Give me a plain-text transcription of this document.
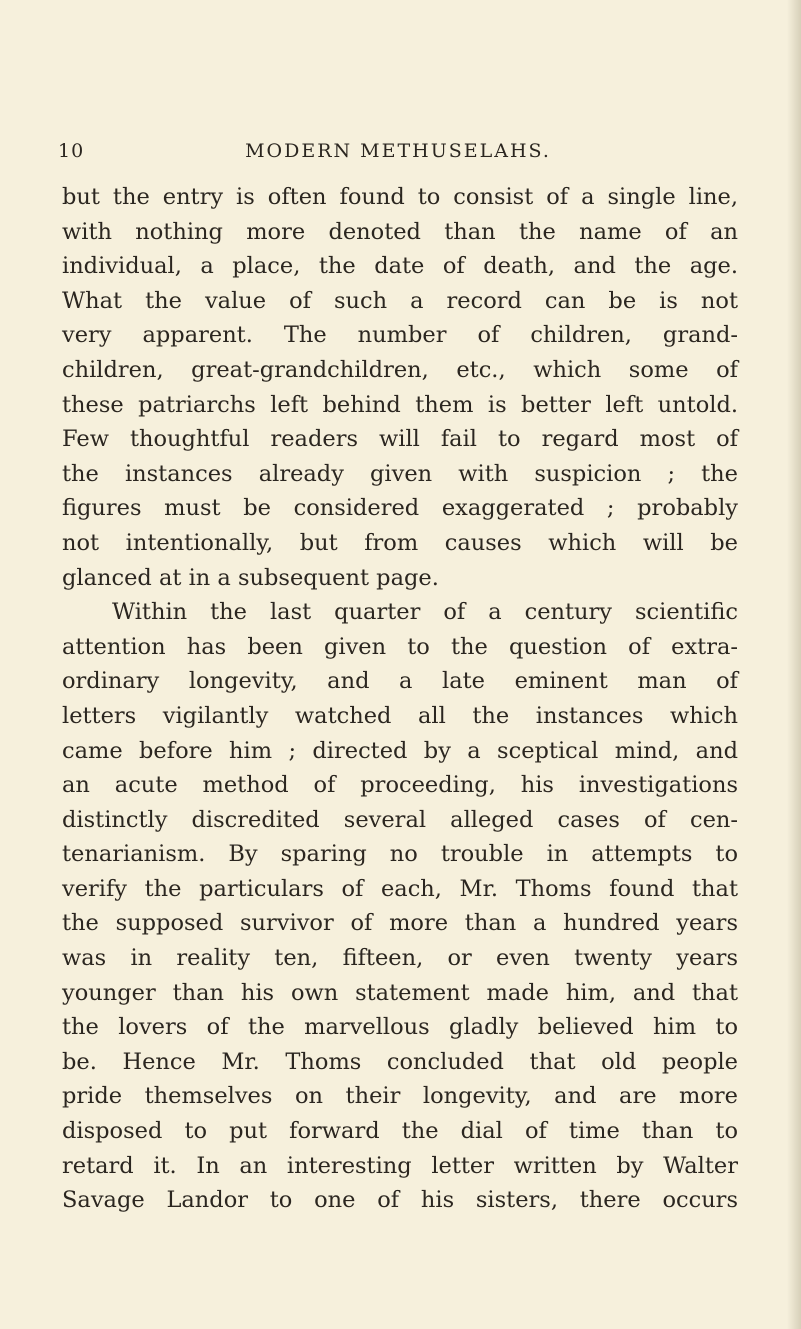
10	MODERN METHUSELAHS.
but the entry is often found to consist of a single line,
with nothing more denoted than the name of an
individual, a place, the date of death, and the age.
What the value of such a record can be is not
very apparent. The number of children, grand-
children, great-grandchildren, etc., which some of
these patriarchs left behind them is better left untold.
Few thoughtful readers will fail to regard most of
the instances already given with suspicion ; the
figures must be considered exaggerated ; probably
not intentionally, but from causes which will be
glanced at in a subsequent page.
Within the last quarter of a century scientific
attention has been given to the question of extra-
ordinary longevity, and a late eminent man of
letters vigilantly watched all the instances which
came before him ; directed by a sceptical mind, and
an acute method of proceeding, his investigations
distinctly discredited several alleged cases of cen-
tenarianism. By sparing no trouble in attempts to
verify the particulars of each, Mr. Thoms found that
the supposed survivor of more than a hundred years
was in reality ten, fifteen, or even twenty years
younger than his own statement made him, and that
the lovers of the marvellous gladly believed him to
be. Hence Mr. Thoms concluded that old people
pride themselves on their longevity, and are more
disposed to put forward the dial of time than to
retard it. In an interesting letter written by Walter
Savage Landor to one of his sisters, there occurs
